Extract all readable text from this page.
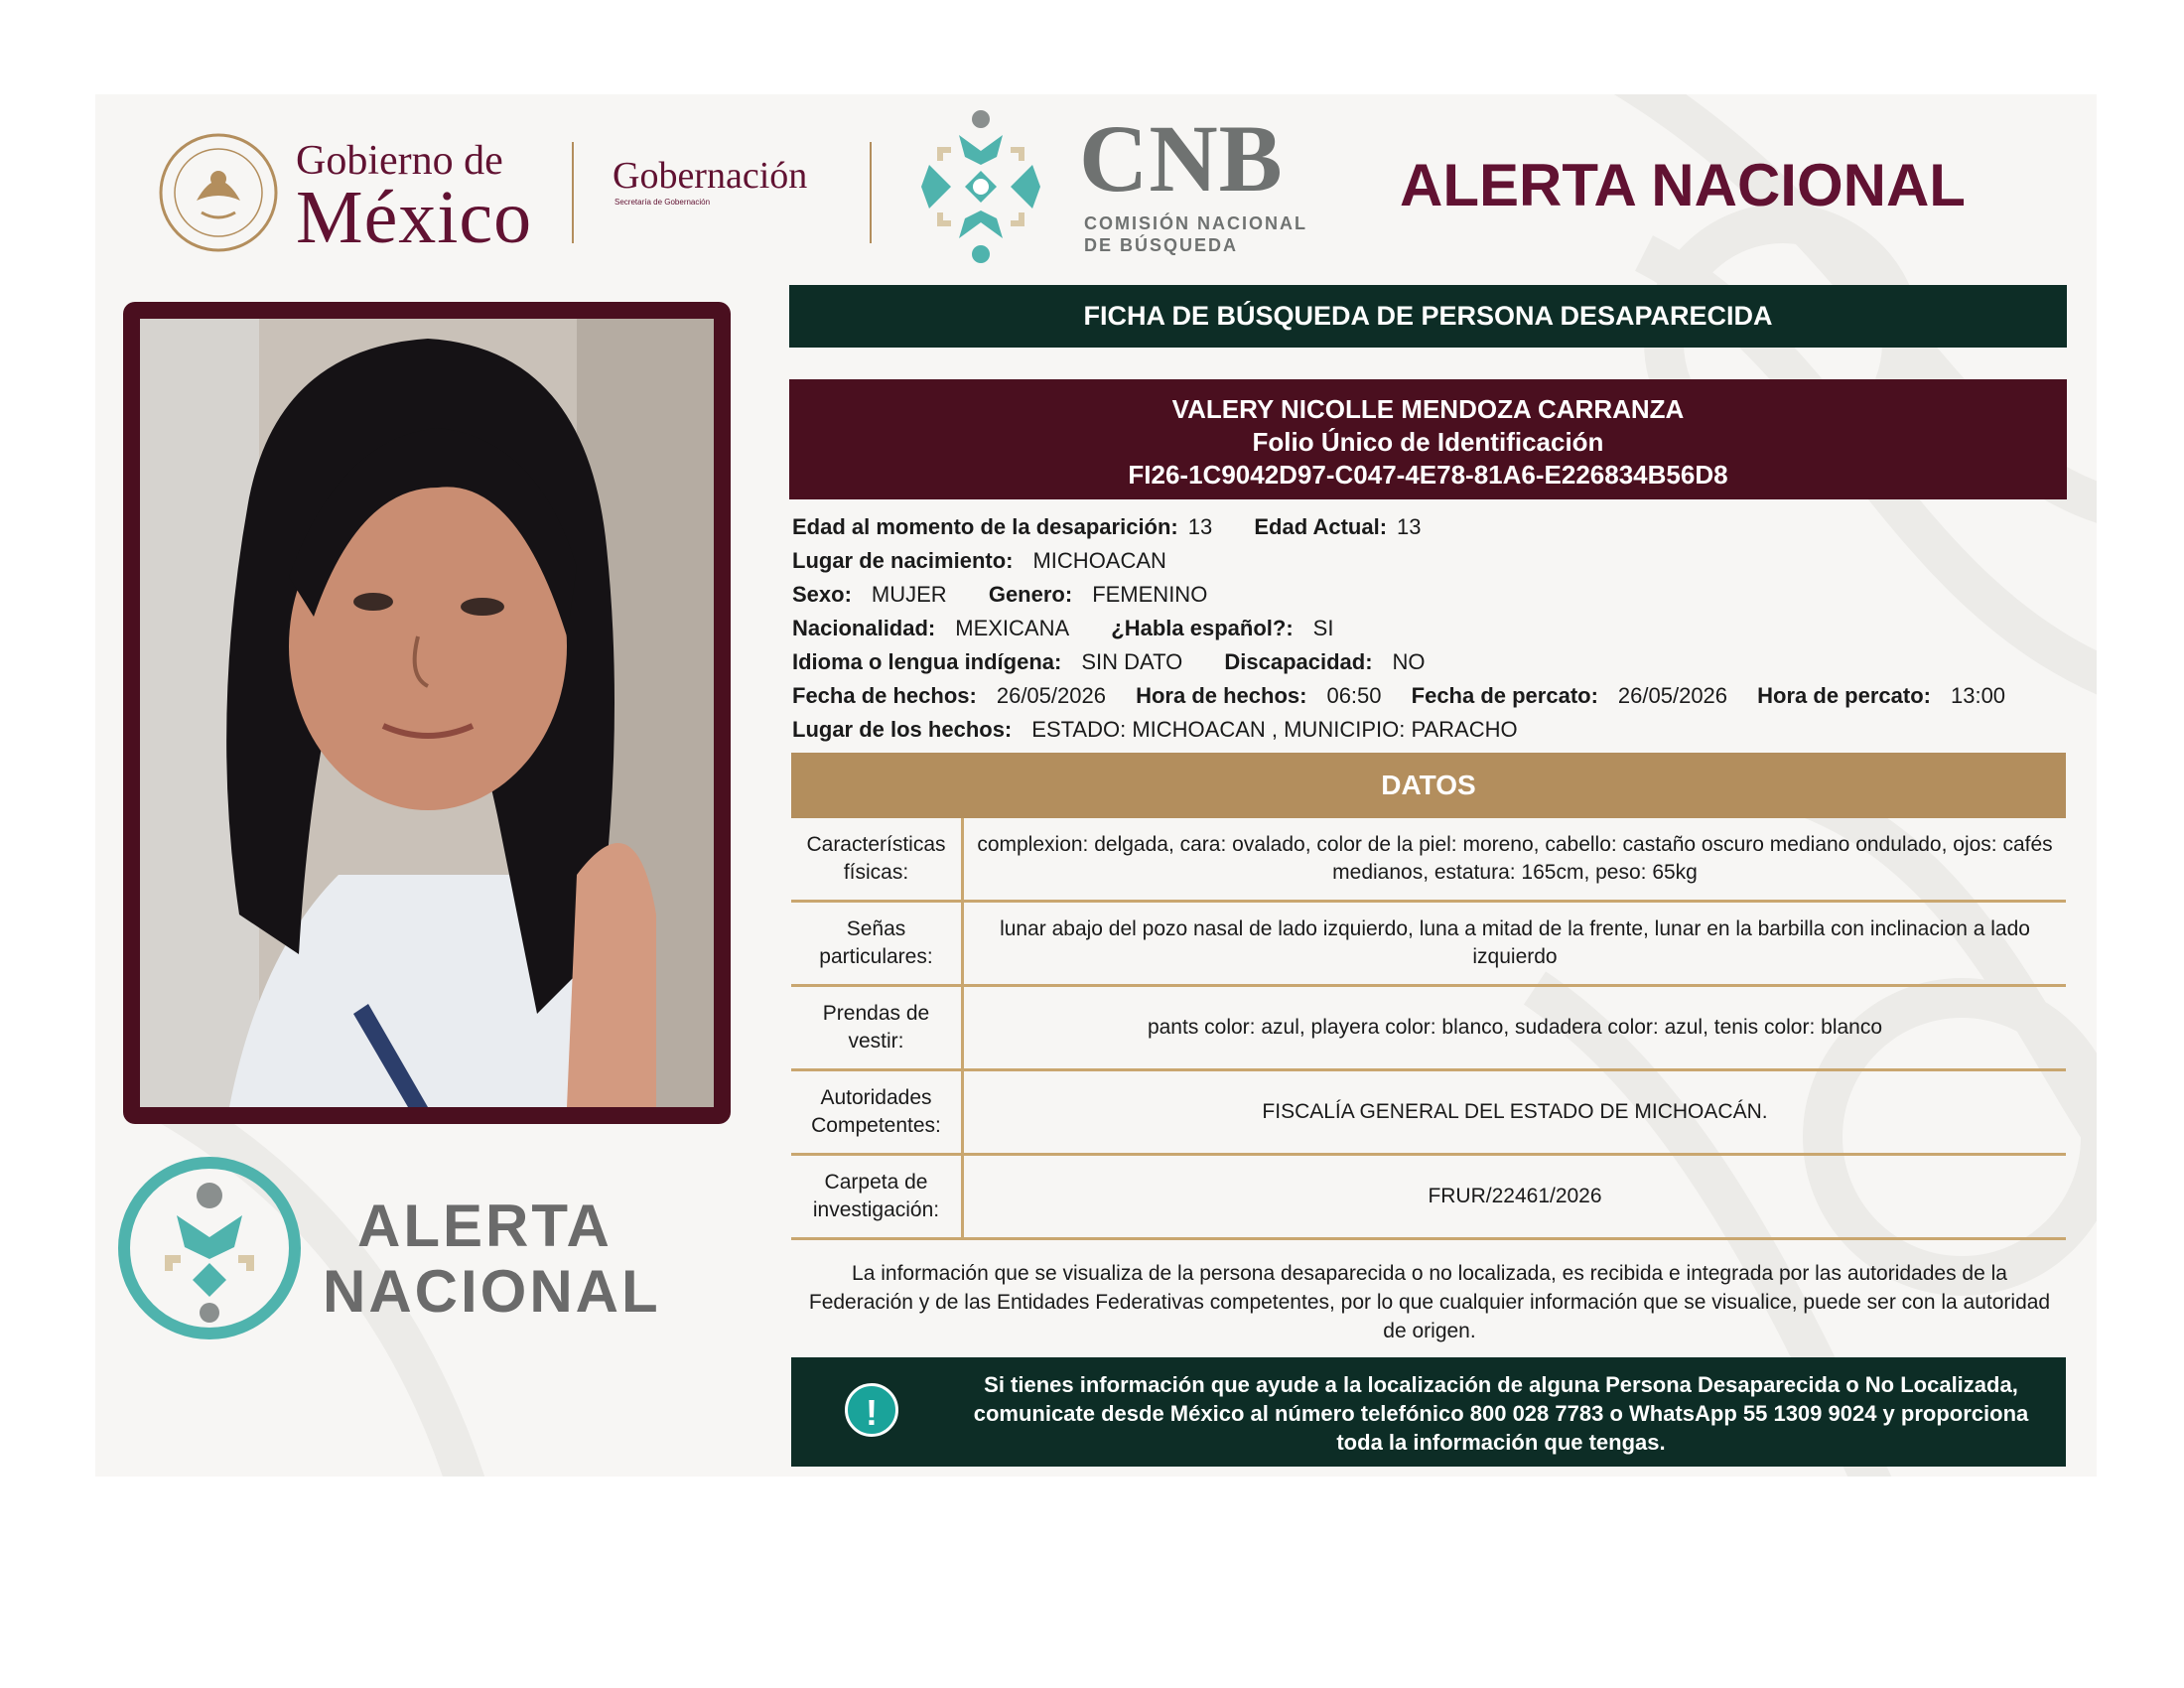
Gobierno de
México Gobernación
Secretaría de Gobernación	CNB
COMISIÓN NACIONAL
DE BÚSQUEDA
ALERTA NACIONAL
ALERTA
NACIONAL
FICHA DE BÚSQUEDA DE PERSONA DESAPARECIDA
VALERY NICOLLE MENDOZA CARRANZA
Folio Único de Identificación
FI26-1C9042D97-C047-4E78-81A6-E226834B56D8
Edad al momento de la desaparición: 13 Edad Actual: 13
Lugar de nacimiento: MICHOACAN
Sexo: MUJER Genero: FEMENINO
Nacionalidad: MEXICANA ¿Habla español?: SI
Idioma o lengua indígena: SIN DATO Discapacidad: NO
Fecha de hechos: 26/05/2026 Hora de hechos: 06:50 Fecha de percato: 26/05/2026 Hora de percato: 13:00
Lugar de los hechos: ESTADO: MICHOACAN , MUNICIPIO: PARACHO
DATOS
Características físicas:	complexion: delgada, cara: ovalado, color de la piel: moreno, cabello: castaño oscuro mediano ondulado, ojos: cafés medianos, estatura: 165cm, peso: 65kg
Señas particulares:	lunar abajo del pozo nasal de lado izquierdo, luna a mitad de la frente, lunar en la barbilla con inclinacion a lado izquierdo
Prendas de vestir:	pants color: azul, playera color: blanco, sudadera color: azul, tenis color: blanco
Autoridades Competentes:	FISCALÍA GENERAL DEL ESTADO DE MICHOACÁN.
Carpeta de investigación:	FRUR/22461/2026
La información que se visualiza de la persona desaparecida o no localizada, es recibida e integrada por las autoridades de la Federación y de las Entidades Federativas competentes, por lo que cualquier información que se visualice, puede ser con la autoridad de origen.
!
Si tienes información que ayude a la localización de alguna Persona Desaparecida o No Localizada, comunicate desde México al número telefónico 800 028 7783 o WhatsApp 55 1309 9024 y proporciona toda la información que tengas.
